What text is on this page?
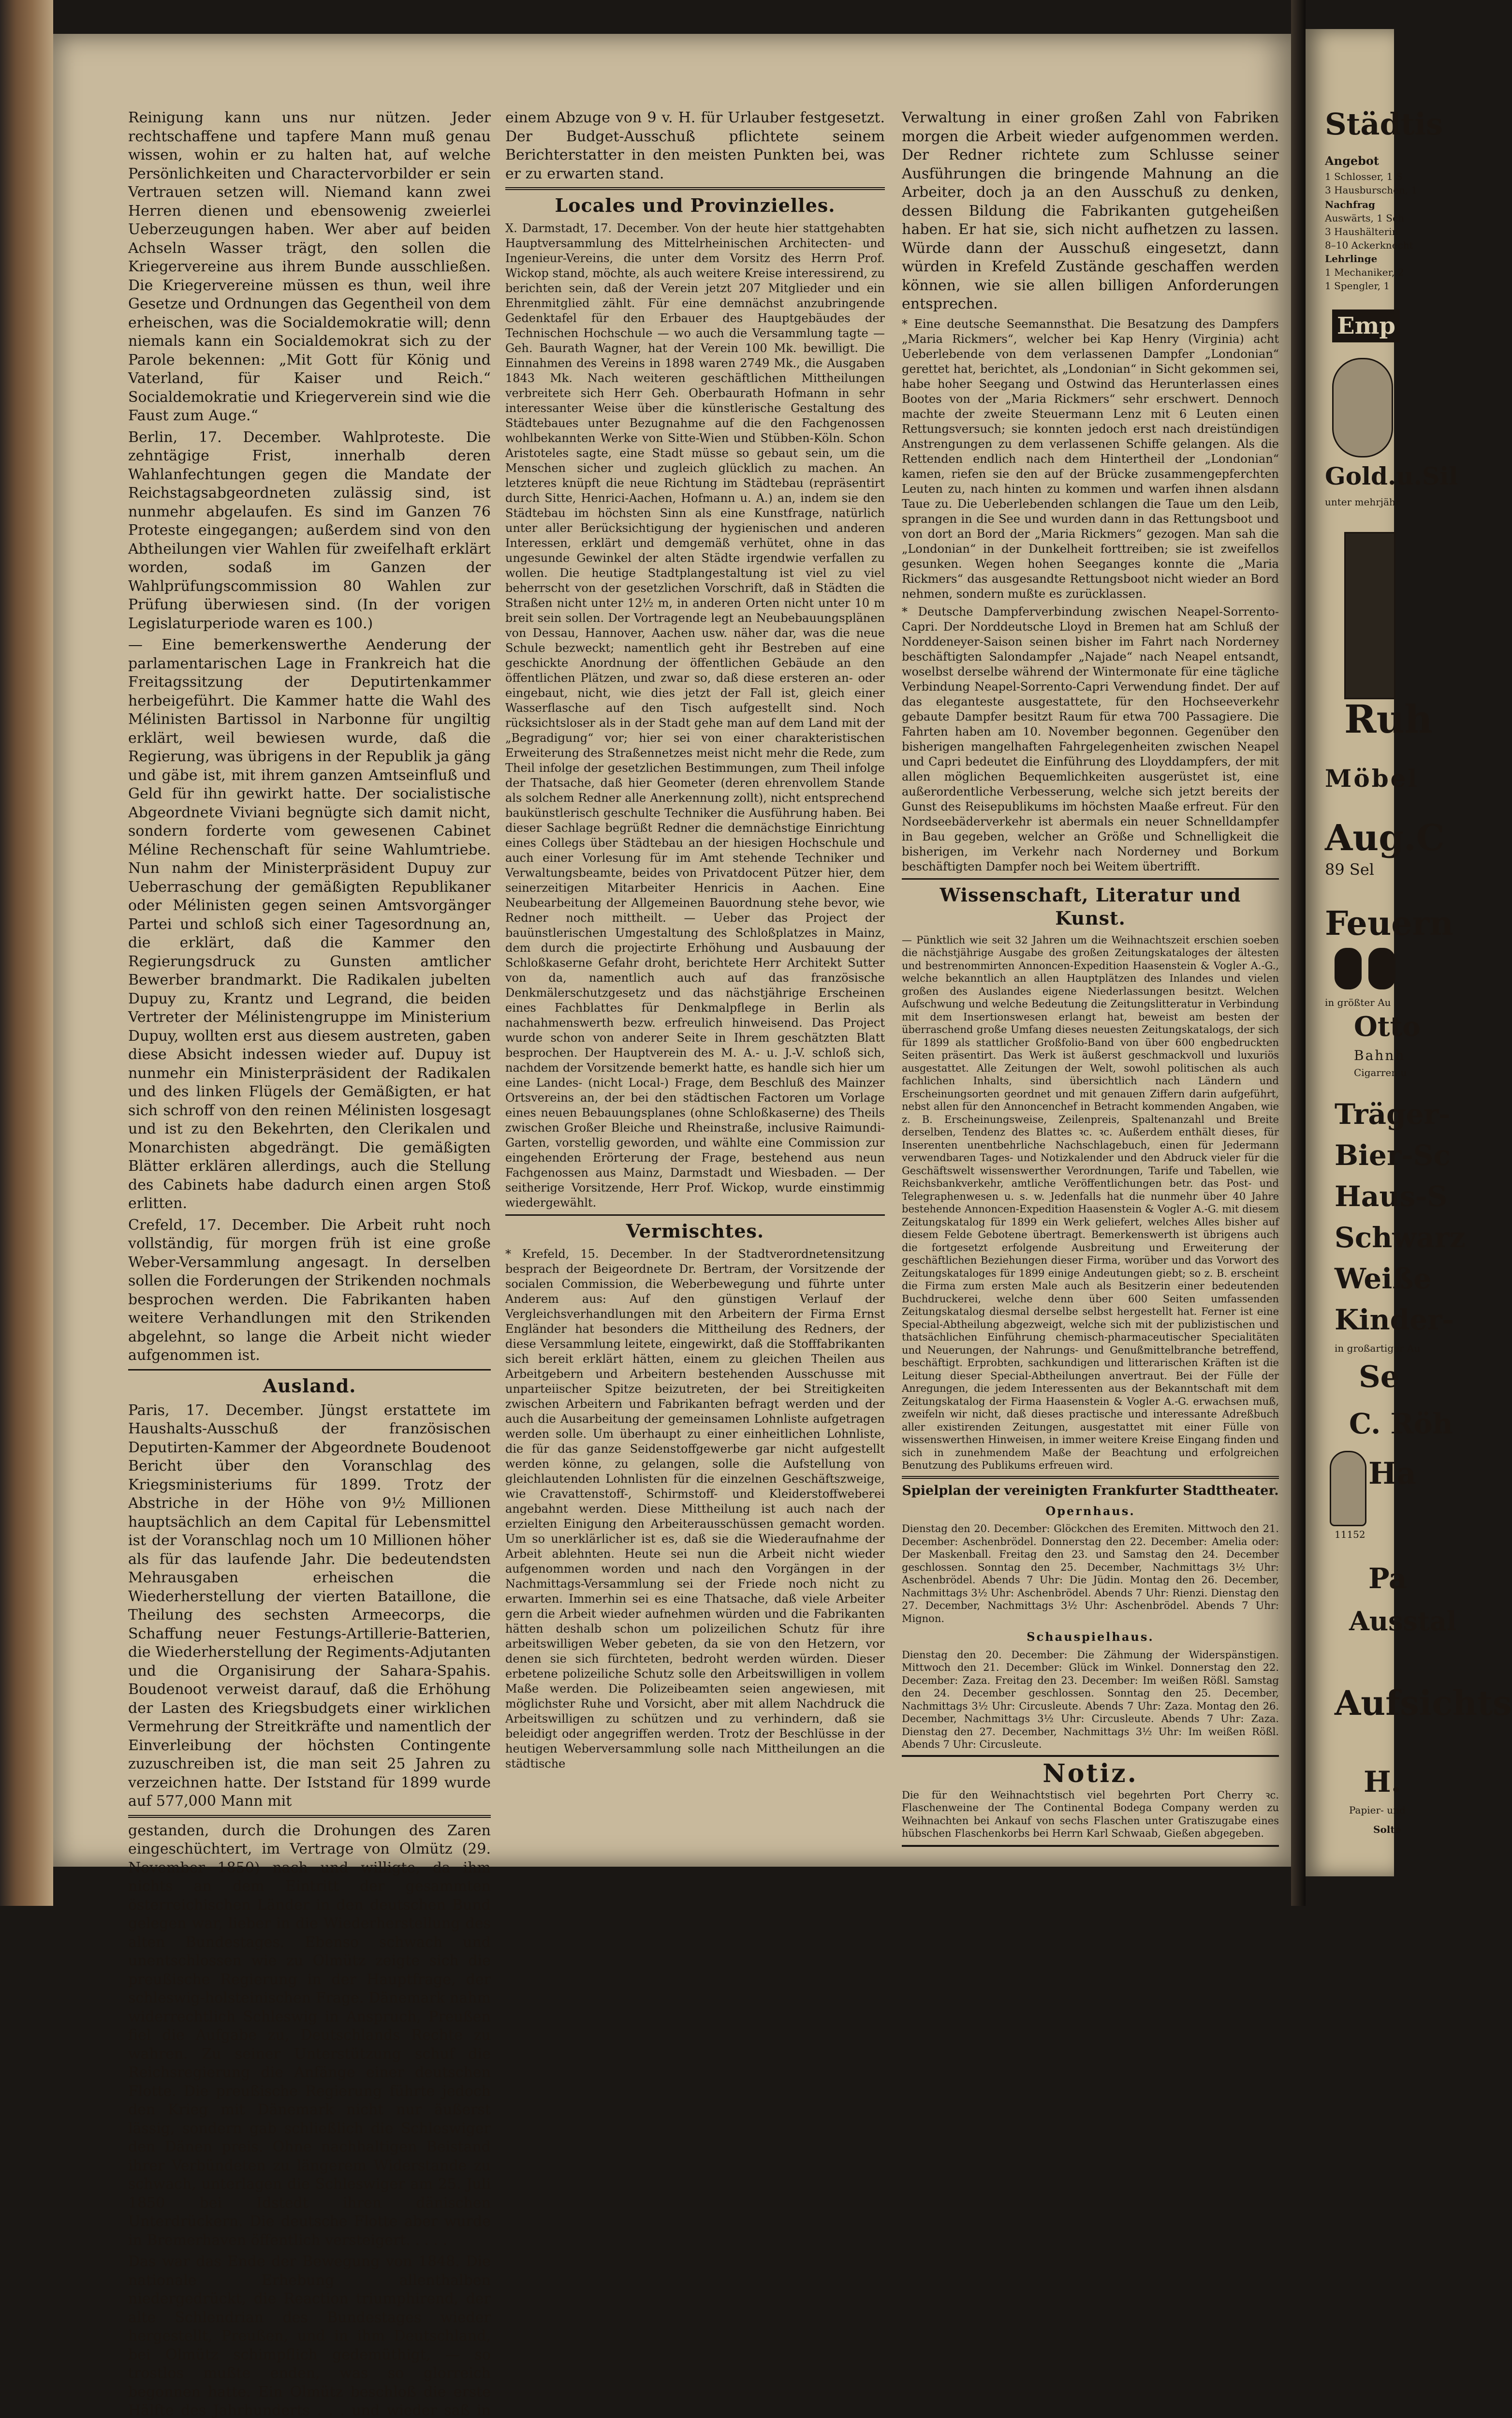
Reinigung kann uns nur nützen. Jeder rechtschaffene und tapfere Mann muß genau wissen, wohin er zu halten hat, auf welche Persönlichkeiten und Charactervorbilder er sein Vertrauen setzen will. Niemand kann zwei Herren dienen und ebensowenig zweierlei Ueberzeugungen haben. Wer aber auf beiden Achseln Wasser trägt, den sollen die Kriegervereine aus ihrem Bunde ausschließen. Die Kriegervereine müssen es thun, weil ihre Gesetze und Ordnungen das Gegentheil von dem erheischen, was die Socialdemokratie will; denn niemals kann ein Socialdemokrat sich zu der Parole bekennen: „Mit Gott für König und Vaterland, für Kaiser und Reich.“ Socialdemokratie und Kriegerverein sind wie die Faust zum Auge.“

Berlin, 17. December. Wahlproteste. Die zehntägige Frist, innerhalb deren Wahlanfechtungen gegen die Mandate der Reichstagsabgeordneten zulässig sind, ist nunmehr abgelaufen. Es sind im Ganzen 76 Proteste eingegangen; außerdem sind von den Abtheilungen vier Wahlen für zweifelhaft erklärt worden, sodaß im Ganzen der Wahlprüfungscommission 80 Wahlen zur Prüfung überwiesen sind. (In der vorigen Legislaturperiode waren es 100.)

— Eine bemerkenswerthe Aenderung der parlamentarischen Lage in Frankreich hat die Freitagssitzung der Deputirtenkammer herbeigeführt. Die Kammer hatte die Wahl des Mélinisten Bartissol in Narbonne für ungiltig erklärt, weil bewiesen wurde, daß die Regierung, was übrigens in der Republik ja gäng und gäbe ist, mit ihrem ganzen Amtseinfluß und Geld für ihn gewirkt hatte. Der socialistische Abgeordnete Viviani begnügte sich damit nicht, sondern forderte vom gewesenen Cabinet Méline Rechenschaft für seine Wahlumtriebe. Nun nahm der Ministerpräsident Dupuy zur Ueberraschung der gemäßigten Republikaner oder Mélinisten gegen seinen Amtsvorgänger Partei und schloß sich einer Tagesordnung an, die erklärt, daß die Kammer den Regierungsdruck zu Gunsten amtlicher Bewerber brandmarkt. Die Radikalen jubelten Dupuy zu, Krantz und Legrand, die beiden Vertreter der Mélinistengruppe im Ministerium Dupuy, wollten erst aus diesem austreten, gaben diese Absicht indessen wieder auf. Dupuy ist nunmehr ein Ministerpräsident der Radikalen und des linken Flügels der Gemäßigten, er hat sich schroff von den reinen Mélinisten losgesagt und ist zu den Bekehrten, den Clerikalen und Monarchisten abgedrängt. Die gemäßigten Blätter erklären allerdings, auch die Stellung des Cabinets habe dadurch einen argen Stoß erlitten.

Crefeld, 17. December. Die Arbeit ruht noch vollständig, für morgen früh ist eine große Weber-Versammlung angesagt. In derselben sollen die Forderungen der Strikenden nochmals besprochen werden. Die Fabrikanten haben weitere Verhandlungen mit den Strikenden abgelehnt, so lange die Arbeit nicht wieder aufgenommen ist.

Ausland.

Paris, 17. December. Jüngst erstattete im Haushalts-Ausschuß der französischen Deputirten-Kammer der Abgeordnete Boudenoot Bericht über den Voranschlag des Kriegsministeriums für 1899. Trotz der Abstriche in der Höhe von 9½ Millionen hauptsächlich an dem Capital für Lebensmittel ist der Voranschlag noch um 10 Millionen höher als für das laufende Jahr. Die bedeutendsten Mehrausgaben erheischen die Wiederherstellung der vierten Bataillone, die Theilung des sechsten Armeecorps, die Schaffung neuer Festungs-Artillerie-Batterien, die Wiederherstellung der Regiments-Adjutanten und die Organisirung der Sahara-Spahis. Boudenoot verweist darauf, daß die Erhöhung der Lasten des Kriegsbudgets einer wirklichen Vermehrung der Streitkräfte und namentlich der Einverleibung der höchsten Contingente zuzuschreiben ist, die man seit 25 Jahren zu verzeichnen hatte. Der Iststand für 1899 wurde auf 577,000 Mann mit

gestanden, durch die Drohungen des Zaren eingeschüchtert, im Vertrage von Olmütz (29. November 1850) nach und willigte, da ihm nichts an dem Eintritt der gesammten österreichischen Länder in den deutschen Bund gelegen war, lieber in die Wiederherstellung des alten Bundestages. Ebenso schwach und unentschlossen wie zu Olmütz zeigte sich die preußische Regierung in der Hauptfrage, der schleswig-holsteinischen Frage. Dänemark nahm widerrechtlich Schleswig in Anspruch, Preußen fiel die Aufgabe zu, Deutschlands Rechte zu wahren. Zu seiner Unterstützung schuf die Reichsregierung die Anfänge einer deutschen Flotte. Die preußische Regierung führte jedoch den Krieg mit Dänemark nicht nur äußerst lässig, sondern gab schließlich die Schleswiger den Dänen preis. Ohne nachhaltigen Beistand ihrer Verbündeten zu längerem Widerstande zu schwach, unterlagen die Schleswiger am 25. Juli 1850 bei Idstedt ihren dänischen Unterdrückern. Die deutsche Flotte aber wurde in Bremerhaven öffentlich versteigert. . . . .

Das war das Ende der Bewegung von 1848. Die nationale Erhebung allenthalben niedergedrückt, die Reaction triumphirend, der alte Schlendrian des Bundestages wieder hergestellt, Preußen, und in ihm Deutschland, bei Olmütz schimpflich gedemüthigt, — so trostlos mußte enden, was so glorreich begonnen hatte. Ein Olmütz beschloß die erste Hälfte des Jahrhunderts . . . und wieder saß in

einem Abzuge von 9 v. H. für Urlauber festgesetzt. Der Budget-Ausschuß pflichtete seinem Berichterstatter in den meisten Punkten bei, was er zu erwarten stand.

Locales und Provinzielles.

X. Darmstadt, 17. December. Von der heute hier stattgehabten Hauptversammlung des Mittelrheinischen Architecten- und Ingenieur-Vereins, die unter dem Vorsitz des Herrn Prof. Wickop stand, möchte, als auch weitere Kreise interessirend, zu berichten sein, daß der Verein jetzt 207 Mitglieder und ein Ehrenmitglied zählt. Für eine demnächst anzubringende Gedenktafel für den Erbauer des Hauptgebäudes der Technischen Hochschule — wo auch die Versammlung tagte — Geh. Baurath Wagner, hat der Verein 100 Mk. bewilligt. Die Einnahmen des Vereins in 1898 waren 2749 Mk., die Ausgaben 1843 Mk. Nach weiteren geschäftlichen Mittheilungen verbreitete sich Herr Geh. Oberbaurath Hofmann in sehr interessanter Weise über die künstlerische Gestaltung des Städtebaues unter Bezugnahme auf die den Fachgenossen wohlbekannten Werke von Sitte-Wien und Stübben-Köln. Schon Aristoteles sagte, eine Stadt müsse so gebaut sein, um die Menschen sicher und zugleich glücklich zu machen. An letzteres knüpft die neue Richtung im Städtebau (repräsentirt durch Sitte, Henrici-Aachen, Hofmann u. A.) an, indem sie den Städtebau im höchsten Sinn als eine Kunstfrage, natürlich unter aller Berücksichtigung der hygienischen und anderen Interessen, erklärt und demgemäß verhütet, ohne in das ungesunde Gewinkel der alten Städte irgendwie verfallen zu wollen. Die heutige Stadtplangestaltung ist viel zu viel beherrscht von der gesetzlichen Vorschrift, daß in Städten die Straßen nicht unter 12½ m, in anderen Orten nicht unter 10 m breit sein sollen. Der Vortragende legt an Neubebauungsplänen von Dessau, Hannover, Aachen usw. näher dar, was die neue Schule bezweckt; namentlich geht ihr Bestreben auf eine geschickte Anordnung der öffentlichen Gebäude an den öffentlichen Plätzen, und zwar so, daß diese ersteren an- oder eingebaut, nicht, wie dies jetzt der Fall ist, gleich einer Wasserflasche auf den Tisch aufgestellt sind. Noch rücksichtsloser als in der Stadt gehe man auf dem Land mit der „Begradigung“ vor; hier sei von einer charakteristischen Erweiterung des Straßennetzes meist nicht mehr die Rede, zum Theil infolge der gesetzlichen Bestimmungen, zum Theil infolge der Thatsache, daß hier Geometer (deren ehrenvollem Stande als solchem Redner alle Anerkennung zollt), nicht entsprechend baukünstlerisch geschulte Techniker die Ausführung haben. Bei dieser Sachlage begrüßt Redner die demnächstige Einrichtung eines Collegs über Städtebau an der hiesigen Hochschule und auch einer Vorlesung für im Amt stehende Techniker und Verwaltungsbeamte, beides von Privatdocent Pützer hier, dem seinerzeitigen Mitarbeiter Henricis in Aachen. Eine Neubearbeitung der Allgemeinen Bauordnung stehe bevor, wie Redner noch mittheilt. — Ueber das Project der bauünstlerischen Umgestaltung des Schloßplatzes in Mainz, dem durch die projectirte Erhöhung und Ausbauung der Schloßkaserne Gefahr droht, berichtete Herr Architekt Sutter von da, namentlich auch auf das französische Denkmälerschutzgesetz und das nächstjährige Erscheinen eines Fachblattes für Denkmalpflege in Berlin als nachahmenswerth bezw. erfreulich hinweisend. Das Project wurde schon von anderer Seite in Ihrem geschätzten Blatt besprochen. Der Hauptverein des M. A.- u. J.-V. schloß sich, nachdem der Vorsitzende bemerkt hatte, es handle sich hier um eine Landes- (nicht Local-) Frage, dem Beschluß des Mainzer Ortsvereins an, der bei den städtischen Factoren um Vorlage eines neuen Bebauungsplanes (ohne Schloßkaserne) des Theils zwischen Großer Bleiche und Rheinstraße, inclusive Raimundi-Garten, vorstellig geworden, und wählte eine Commission zur eingehenden Erörterung der Frage, bestehend aus neun Fachgenossen aus Mainz, Darmstadt und Wiesbaden. — Der seitherige Vorsitzende, Herr Prof. Wickop, wurde einstimmig wiedergewählt.

Vermischtes.

* Krefeld, 15. December. In der Stadtverordnetensitzung besprach der Beigeordnete Dr. Bertram, der Vorsitzende der socialen Commission, die Weberbewegung und führte unter Anderem aus: Auf den günstigen Verlauf der Vergleichsverhandlungen mit den Arbeitern der Firma Ernst Engländer hat besonders die Mittheilung des Redners, der diese Versammlung leitete, eingewirkt, daß die Stofffabrikanten sich bereit erklärt hätten, einem zu gleichen Theilen aus Arbeitgebern und Arbeitern bestehenden Ausschusse mit unparteiischer Spitze beizutreten, der bei Streitigkeiten zwischen Arbeitern und Fabrikanten befragt werden und der auch die Ausarbeitung der gemeinsamen Lohnliste aufgetragen werden solle. Um überhaupt zu einer einheitlichen Lohnliste, die für das ganze Seidenstoffgewerbe gar nicht aufgestellt werden könne, zu gelangen, solle die Aufstellung von gleichlautenden Lohnlisten für die einzelnen Geschäftszweige, wie Cravattenstoff-, Schirmstoff- und Kleiderstoffweberei angebahnt werden. Diese Mittheilung ist auch nach der erzielten Einigung den Arbeiterausschüssen gemacht worden. Um so unerklärlicher ist es, daß sie die Wiederaufnahme der Arbeit ablehnten. Heute sei nun die Arbeit nicht wieder aufgenommen worden und nach den Vorgängen in der Nachmittags-Versammlung sei der Friede noch nicht zu erwarten. Immerhin sei es eine Thatsache, daß viele Arbeiter gern die Arbeit wieder aufnehmen würden und die Fabrikanten hätten deshalb schon um polizeilichen Schutz für ihre arbeitswilligen Weber gebeten, da sie von den Hetzern, vor denen sie sich fürchteten, bedroht werden würden. Dieser erbetene polizeiliche Schutz solle den Arbeitswilligen in vollem Maße werden. Die Polizeibeamten seien angewiesen, mit möglichster Ruhe und Vorsicht, aber mit allem Nachdruck die Arbeitswilligen zu schützen und zu verhindern, daß sie beleidigt oder angegriffen werden. Trotz der Beschlüsse in der heutigen Weberversammlung solle nach Mittheilungen an die städtische

Verwaltung in einer großen Zahl von Fabriken morgen die Arbeit wieder aufgenommen werden. Der Redner richtete zum Schlusse seiner Ausführungen die bringende Mahnung an die Arbeiter, doch ja an den Ausschuß zu denken, dessen Bildung die Fabrikanten gutgeheißen haben. Er hat sie, sich nicht aufhetzen zu lassen. Würde dann der Ausschuß eingesetzt, dann würden in Krefeld Zustände geschaffen werden können, wie sie allen billigen Anforderungen entsprechen.

* Eine deutsche Seemannsthat. Die Besatzung des Dampfers „Maria Rickmers“, welcher bei Kap Henry (Virginia) acht Ueberlebende von dem verlassenen Dampfer „Londonian“ gerettet hat, berichtet, als „Londonian“ in Sicht gekommen sei, habe hoher Seegang und Ostwind das Herunterlassen eines Bootes von der „Maria Rickmers“ sehr erschwert. Dennoch machte der zweite Steuermann Lenz mit 6 Leuten einen Rettungsversuch; sie konnten jedoch erst nach dreistündigen Anstrengungen zu dem verlassenen Schiffe gelangen. Als die Rettenden endlich nach dem Hintertheil der „Londonian“ kamen, riefen sie den auf der Brücke zusammengepferchten Leuten zu, nach hinten zu kommen und warfen ihnen alsdann Taue zu. Die Ueberlebenden schlangen die Taue um den Leib, sprangen in die See und wurden dann in das Rettungsboot und von dort an Bord der „Maria Rickmers“ gezogen. Man sah die „Londonian“ in der Dunkelheit forttreiben; sie ist zweifellos gesunken. Wegen hohen Seeganges konnte die „Maria Rickmers“ das ausgesandte Rettungsboot nicht wieder an Bord nehmen, sondern mußte es zurücklassen.

* Deutsche Dampferverbindung zwischen Neapel-Sorrento-Capri. Der Norddeutsche Lloyd in Bremen hat am Schluß der Norddeneyer-Saison seinen bisher im Fahrt nach Norderney beschäftigten Salondampfer „Najade“ nach Neapel entsandt, woselbst derselbe während der Wintermonate für eine tägliche Verbindung Neapel-Sorrento-Capri Verwendung findet. Der auf das eleganteste ausgestattete, für den Hochseeverkehr gebaute Dampfer besitzt Raum für etwa 700 Passagiere. Die Fahrten haben am 10. November begonnen. Gegenüber den bisherigen mangelhaften Fahrgelegenheiten zwischen Neapel und Capri bedeutet die Einführung des Lloyddampfers, der mit allen möglichen Bequemlichkeiten ausgerüstet ist, eine außerordentliche Verbesserung, welche sich jetzt bereits der Gunst des Reisepublikums im höchsten Maaße erfreut. Für den Nordseebäderverkehr ist abermals ein neuer Schnelldampfer in Bau gegeben, welcher an Größe und Schnelligkeit die bisherigen, im Verkehr nach Norderney und Borkum beschäftigten Dampfer noch bei Weitem übertrifft.

Wissenschaft, Literatur und Kunst.

— Pünktlich wie seit 32 Jahren um die Weihnachtszeit erschien soeben die nächstjährige Ausgabe des großen Zeitungskataloges der ältesten und bestrenommirten Annoncen-Expedition Haasenstein & Vogler A.-G., welche bekanntlich an allen Hauptplätzen des Inlandes und vielen großen des Auslandes eigene Niederlassungen besitzt. Welchen Aufschwung und welche Bedeutung die Zeitungslitteratur in Verbindung mit dem Insertionswesen erlangt hat, beweist am besten der überraschend große Umfang dieses neuesten Zeitungskatalogs, der sich für 1899 als stattlicher Großfolio-Band von über 600 engbedruckten Seiten präsentirt. Das Werk ist äußerst geschmackvoll und luxuriös ausgestattet. Alle Zeitungen der Welt, sowohl politischen als auch fachlichen Inhalts, sind übersichtlich nach Ländern und Erscheinungsorten geordnet und mit genauen Ziffern darin aufgeführt, nebst allen für den Annoncenchef in Betracht kommenden Angaben, wie z. B. Erscheinungsweise, Zeilenpreis, Spaltenanzahl und Breite derselben, Tendenz des Blattes ꝛc. ꝛc. Außerdem enthält dieses, für Inserenten unentbehrliche Nachschlagebuch, einen für Jedermann verwendbaren Tages- und Notizkalender und den Abdruck vieler für die Geschäftswelt wissenswerther Verordnungen, Tarife und Tabellen, wie Reichsbankverkehr, amtliche Veröffentlichungen betr. das Post- und Telegraphenwesen u. s. w. Jedenfalls hat die nunmehr über 40 Jahre bestehende Annoncen-Expedition Haasenstein & Vogler A.-G. mit diesem Zeitungskatalog für 1899 ein Werk geliefert, welches Alles bisher auf diesem Felde Gebotene übertragt. Bemerkenswerth ist übrigens auch die fortgesetzt erfolgende Ausbreitung und Erweiterung der geschäftlichen Beziehungen dieser Firma, worüber und das Vorwort des Zeitungskataloges für 1899 einige Andeutungen giebt; so z. B. erscheint die Firma zum ersten Male auch als Besitzerin einer bedeutenden Buchdruckerei, welche denn über 600 Seiten umfassenden Zeitungskatalog diesmal derselbe selbst hergestellt hat. Ferner ist eine Special-Abtheilung abgezweigt, welche sich mit der publizistischen und thatsächlichen Einführung chemisch-pharmaceutischer Specialitäten und Neuerungen, der Nahrungs- und Genußmittelbranche betreffend, beschäftigt. Erprobten, sachkundigen und litterarischen Kräften ist die Leitung dieser Special-Abtheilungen anvertraut. Bei der Fülle der Anregungen, die jedem Interessenten aus der Bekanntschaft mit dem Zeitungskatalog der Firma Haasenstein & Vogler A.-G. erwachsen muß, zweifeln wir nicht, daß dieses practische und interessante Adreßbuch aller existirenden Zeitungen, ausgestattet mit einer Fülle von wissenswerthen Hinweisen, in immer weitere Kreise Eingang finden und sich in zunehmendem Maße der Beachtung und erfolgreichen Benutzung des Publikums erfreuen wird.

Spielplan der vereinigten Frankfurter Stadttheater.
Opernhaus.

Dienstag den 20. December: Glöckchen des Eremiten. Mittwoch den 21. December: Aschenbrödel. Donnerstag den 22. December: Amelia oder: Der Maskenball. Freitag den 23. und Samstag den 24. December geschlossen. Sonntag den 25. December, Nachmittags 3½ Uhr: Aschenbrödel. Abends 7 Uhr: Die Jüdin. Montag den 26. December, Nachmittags 3½ Uhr: Aschenbrödel. Abends 7 Uhr: Rienzi. Dienstag den 27. December, Nachmittags 3½ Uhr: Aschenbrödel. Abends 7 Uhr: Mignon.

Schauspielhaus.

Dienstag den 20. December: Die Zähmung der Widerspänstigen. Mittwoch den 21. December: Glück im Winkel. Donnerstag den 22. December: Zaza. Freitag den 23. December: Im weißen Rößl. Samstag den 24. December geschlossen. Sonntag den 25. December, Nachmittags 3½ Uhr: Circusleute. Abends 7 Uhr: Zaza. Montag den 26. December, Nachmittags 3½ Uhr: Circusleute. Abends 7 Uhr: Zaza. Dienstag den 27. December, Nachmittags 3½ Uhr: Im weißen Rößl. Abends 7 Uhr: Circusleute.

Notiz.

Die für den Weihnachtstisch viel begehrten Port Cherry ꝛc. Flaschenweine der The Continental Bodega Company werden zu Weihnachten bei Ankauf von sechs Flaschen unter Gratiszugabe eines hübschen Flaschenkorbs bei Herrn Karl Schwaab, Gießen abgegeben.

Städtis
Angebot
1 Schlosser, 1 S
3 Hausburschen, 1
Nachfrag
Auswärts, 1 Sch
3 Haushälterin
8–10 Ackerknecht
Lehrlinge
1 Mechaniker, 2
1 Spengler, 1
Emp
Gold.u.Sil
unter mehrjähr
Ruh
Möbel
Aug.C
89 Sel
Feuern
in größter Au
Otto
Bahnh
Cigarren u
Träger-
Bier-Sc
Haus-S
Schwarz
Weiße
Kinder-
in großartiger Au
Se
C. Röh
Ha
11152
Pa
Ausstal
Aufsichts
H.
Papier- und
Solte
